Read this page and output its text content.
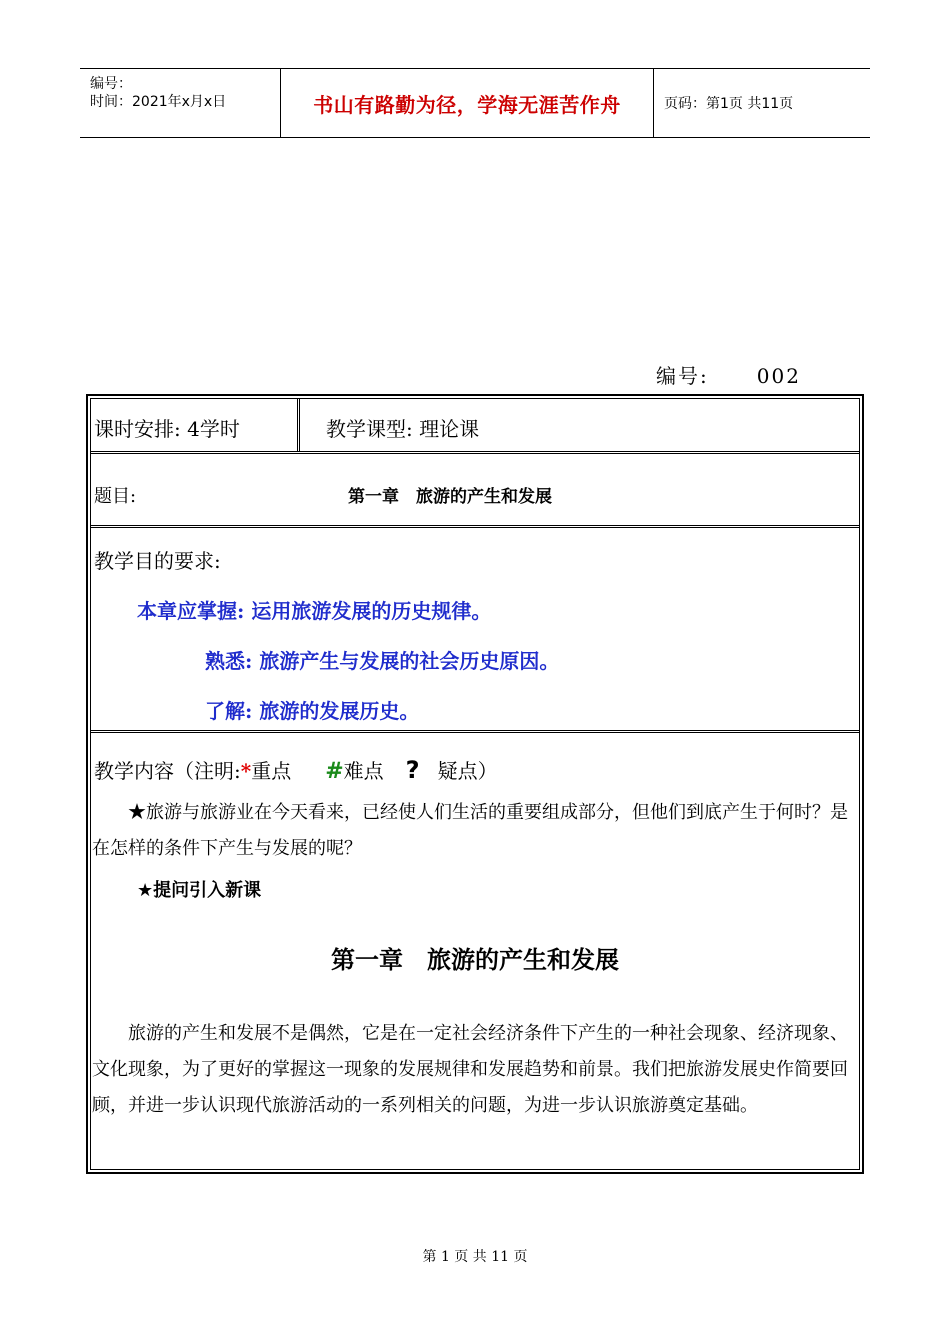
编号：
时间：2021年x月x日	书山有路勤为径，学海无涯苦作舟	页码：第1页 共11页
编号: 002
课时安排: 4学时	教学课型: 理论课
题目:	第一章　旅游的产生和发展
教学目的要求:
本章应掌握: 运用旅游发展的历史规律。
熟悉: 旅游产生与发展的社会历史原因。
了解: 旅游的发展历史。
教学内容（注明:*重点 #难点 ? 疑点）
★旅游与旅游业在今天看来，已经使人们生活的重要组成部分，但他们到底产生于何时？是在怎样的条件下产生与发展的呢？
★提问引入新课
第一章　旅游的产生和发展
旅游的产生和发展不是偶然，它是在一定社会经济条件下产生的一种社会现象、经济现象、文化现象，为了更好的掌握这一现象的发展规律和发展趋势和前景。我们把旅游发展史作简要回顾，并进一步认识现代旅游活动的一系列相关的问题，为进一步认识旅游奠定基础。
第 1 页 共 11 页
